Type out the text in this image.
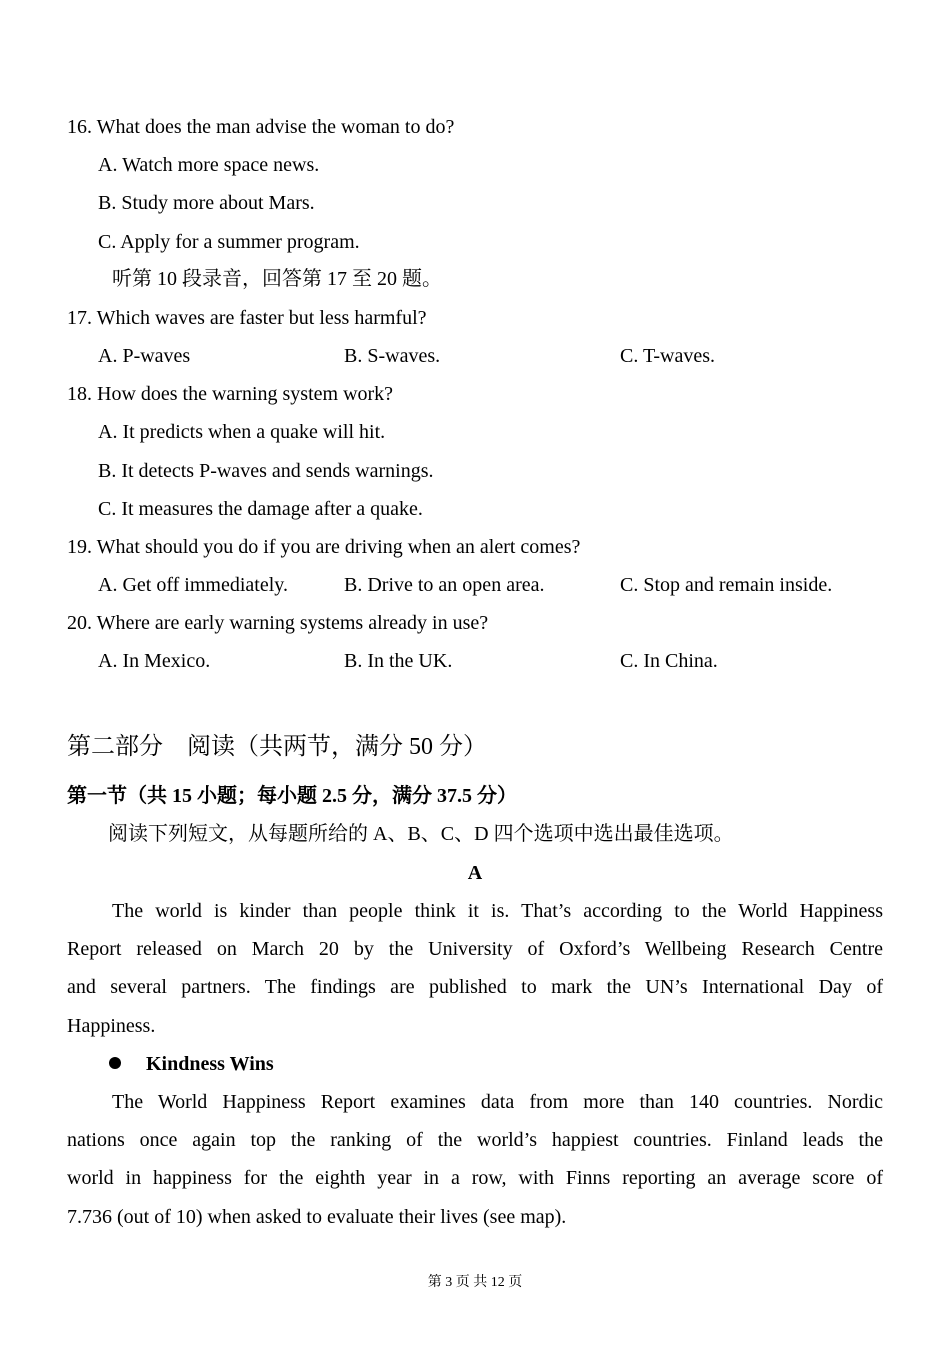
16. What does the man advise the woman to do?
A. Watch more space news.
B. Study more about Mars.
C. Apply for a summer program.
听第 10 段录音，回答第 17 至 20 题。
17. Which waves are faster but less harmful?
A. P-waves	B. S-waves.	C. T-waves.
18. How does the warning system work?
A. It predicts when a quake will hit.
B. It detects P-waves and sends warnings.
C. It measures the damage after a quake.
19. What should you do if you are driving when an alert comes?
A. Get off immediately.	B. Drive to an open area.	C. Stop and remain inside.
20. Where are early warning systems already in use?
A. In Mexico.	B. In the UK.	C. In China.
第二部分　阅读（共两节，满分 50 分）
第一节（共 15 小题；每小题 2.5 分，满分 37.5 分）
阅读下列短文，从每题所给的 A、B、C、D 四个选项中选出最佳选项。
A
The world is kinder than people think it is. That’s according to the World Happiness
Report released on March 20 by the University of Oxford’s Wellbeing Research Centre
and several partners. The findings are published to mark the UN’s International Day of
Happiness.
Kindness Wins
The World Happiness Report examines data from more than 140 countries. Nordic
nations once again top the ranking of the world’s happiest countries. Finland leads the
world in happiness for the eighth year in a row, with Finns reporting an average score of
7.736 (out of 10) when asked to evaluate their lives (see map).
第 3 页 共 12 页
